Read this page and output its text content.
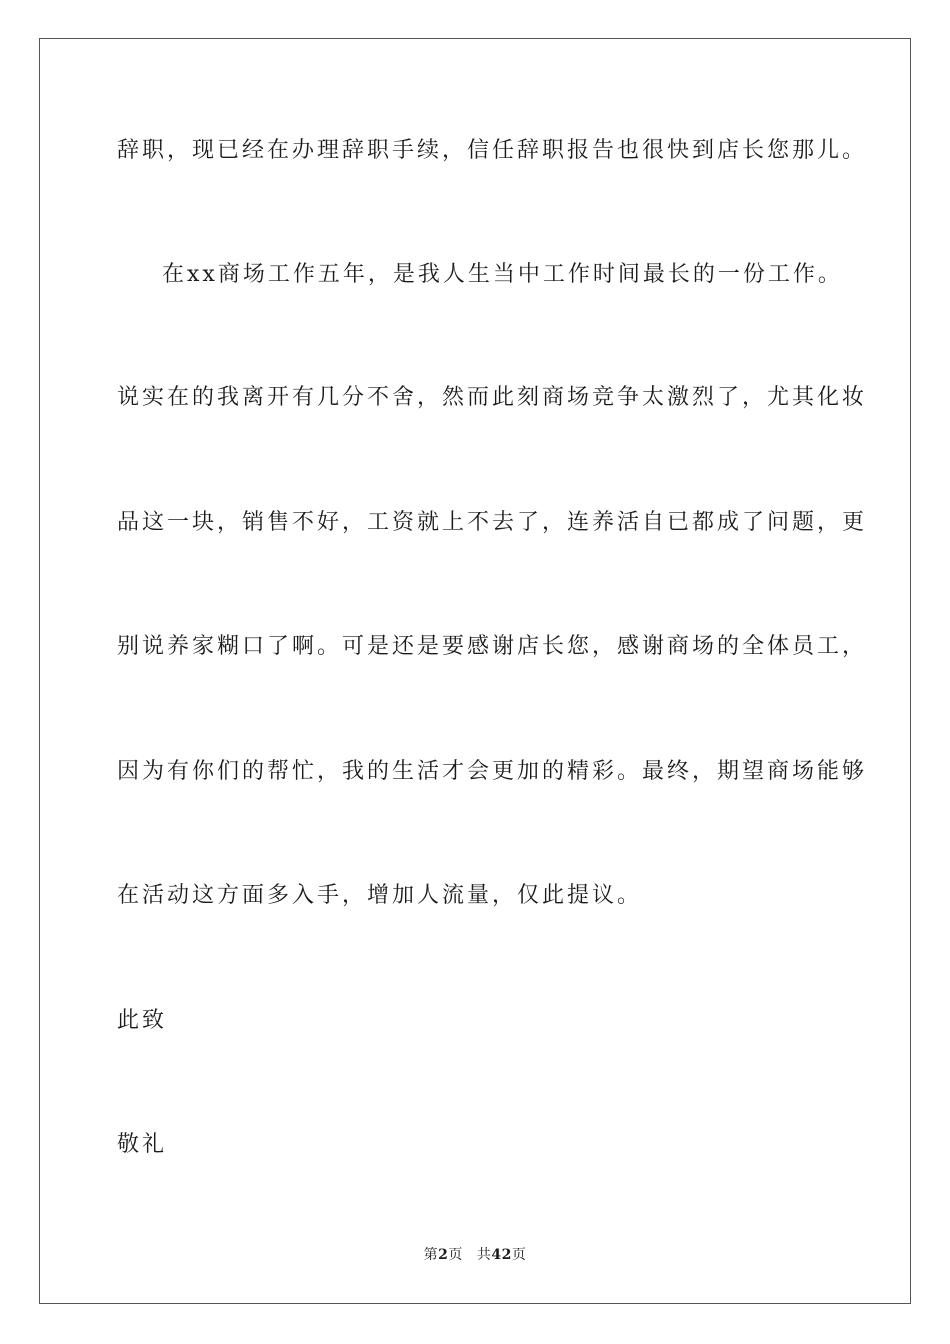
辞职，现已经在办理辞职手续，信任辞职报告也很快到店长您那儿。
在xx商场工作五年，是我人生当中工作时间最长的一份工作。
说实在的我离开有几分不舍，然而此刻商场竞争太激烈了，尤其化妆
品这一块，销售不好，工资就上不去了，连养活自已都成了问题，更
别说养家糊口了啊。可是还是要感谢店长您，感谢商场的全体员工，
因为有你们的帮忙，我的生活才会更加的精彩。最终，期望商场能够
在活动这方面多入手，增加人流量，仅此提议。
此致
敬礼
第2页 共42页
